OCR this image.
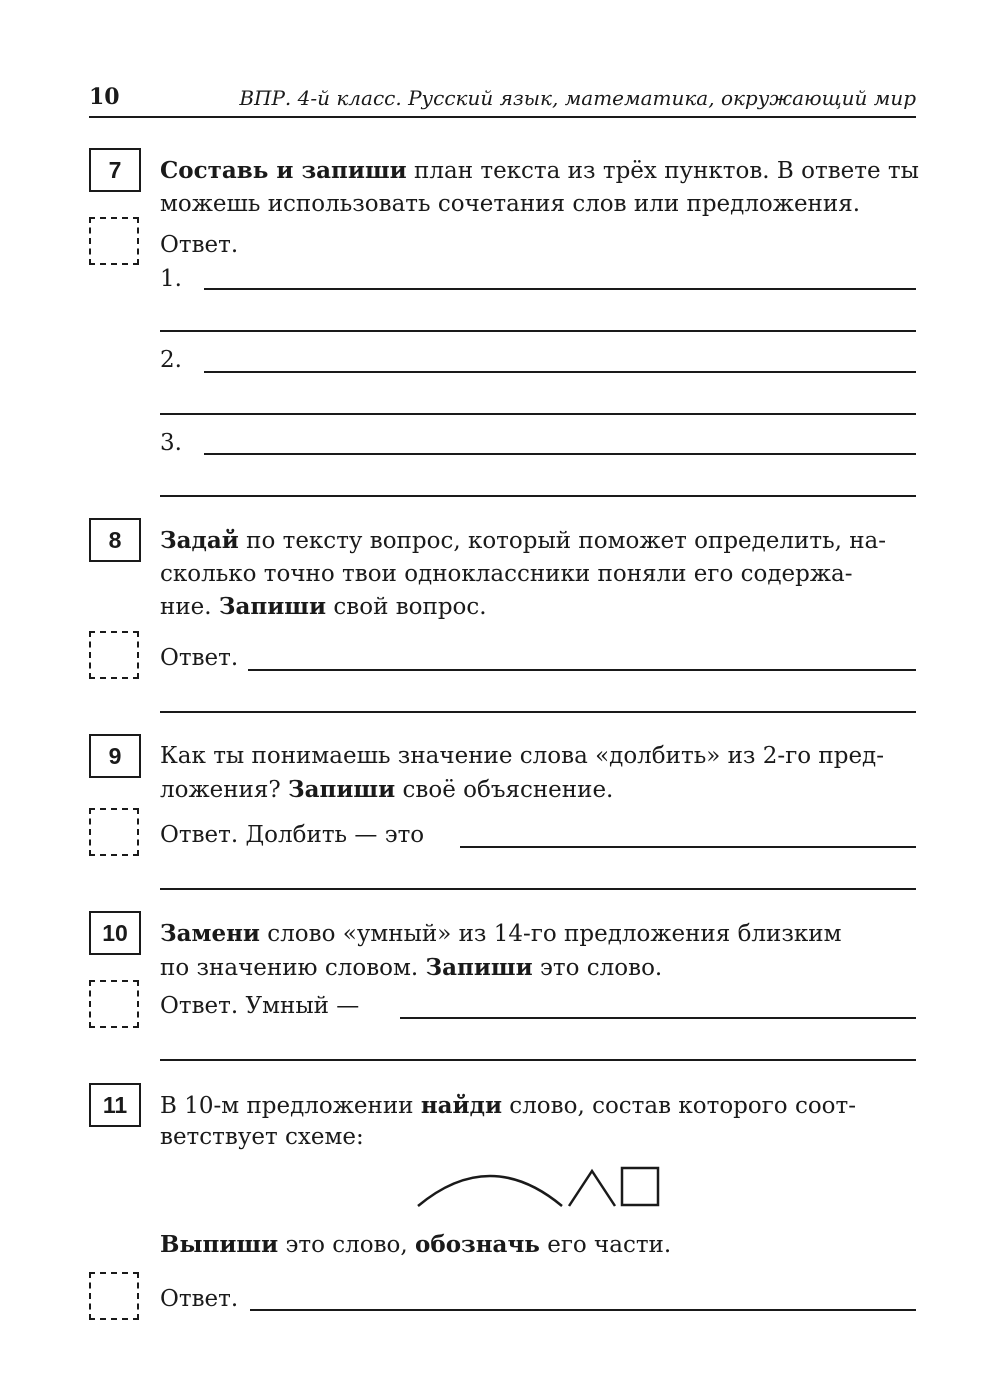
10	ВПР. 4-й класс. Русский язык, математика, окружающий мир
7	Составь и запиши план текста из трёх пунктов. В ответе ты
можешь использовать сочетания слов или предложения.
Ответ.
1.
2.
3.
8	Задай по тексту вопрос, который поможет определить, на-
сколько точно твои одноклассники поняли его содержа-
ние. Запиши свой вопрос.
Ответ.
9	Как ты понимаешь значение слова «долбить» из 2-го пред-
ложения? Запиши своё объяснение.
Ответ. Долбить — это
10	Замени слово «умный» из 14-го предложения близким
по значению словом. Запиши это слово.
Ответ. Умный —
11	В 10-м предложении найди слово, состав которого соот-
ветствует схеме:
Выпиши это слово, обозначь его части.
Ответ.
